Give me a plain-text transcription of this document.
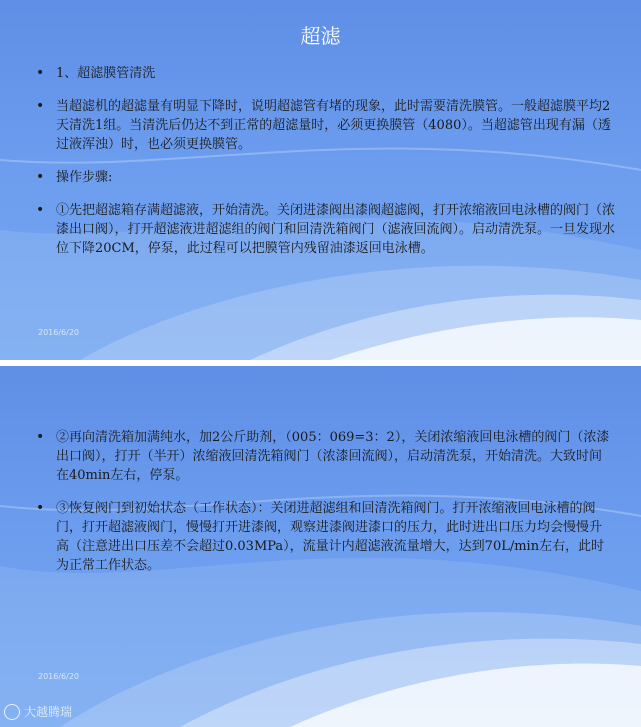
超滤
• 1、超滤膜管清洗
• 当超滤机的超滤量有明显下降时，说明超滤管有堵的现象，此时需要清洗膜管。一般超滤膜平均2天清洗1组。当清洗后仍达不到正常的超滤量时，必须更换膜管（4080）。当超滤管出现有漏（透过液浑浊）时，也必须更换膜管。
• 操作步骤:
• ①先把超滤箱存满超滤液，开始清洗。关闭进漆阀出漆阀超滤阀，打开浓缩液回电泳槽的阀门（浓漆出口阀），打开超滤液进超滤组的阀门和回清洗箱阀门（滤液回流阀）。启动清洗泵。一旦发现水位下降20CM，停泵，此过程可以把膜管内残留油漆返回电泳槽。
2016/6/20
• ②再向清洗箱加满纯水，加2公斤助剂，（005：069=3：2），关闭浓缩液回电泳槽的阀门（浓漆出口阀），打开（半开）浓缩液回清洗箱阀门（浓漆回流阀），启动清洗泵，开始清洗。大致时间在40min左右，停泵。
• ③恢复阀门到初始状态（工作状态）：关闭进超滤组和回清洗箱阀门。打开浓缩液回电泳槽的阀门，打开超滤液阀门，慢慢打开进漆阀，观察进漆阀进漆口的压力，此时进出口压力均会慢慢升高（注意进出口压差不会超过0.03MPa），流量计内超滤液流量增大，达到70L/min左右，此时为正常工作状态。
2016/6/20
大越腾瑞
